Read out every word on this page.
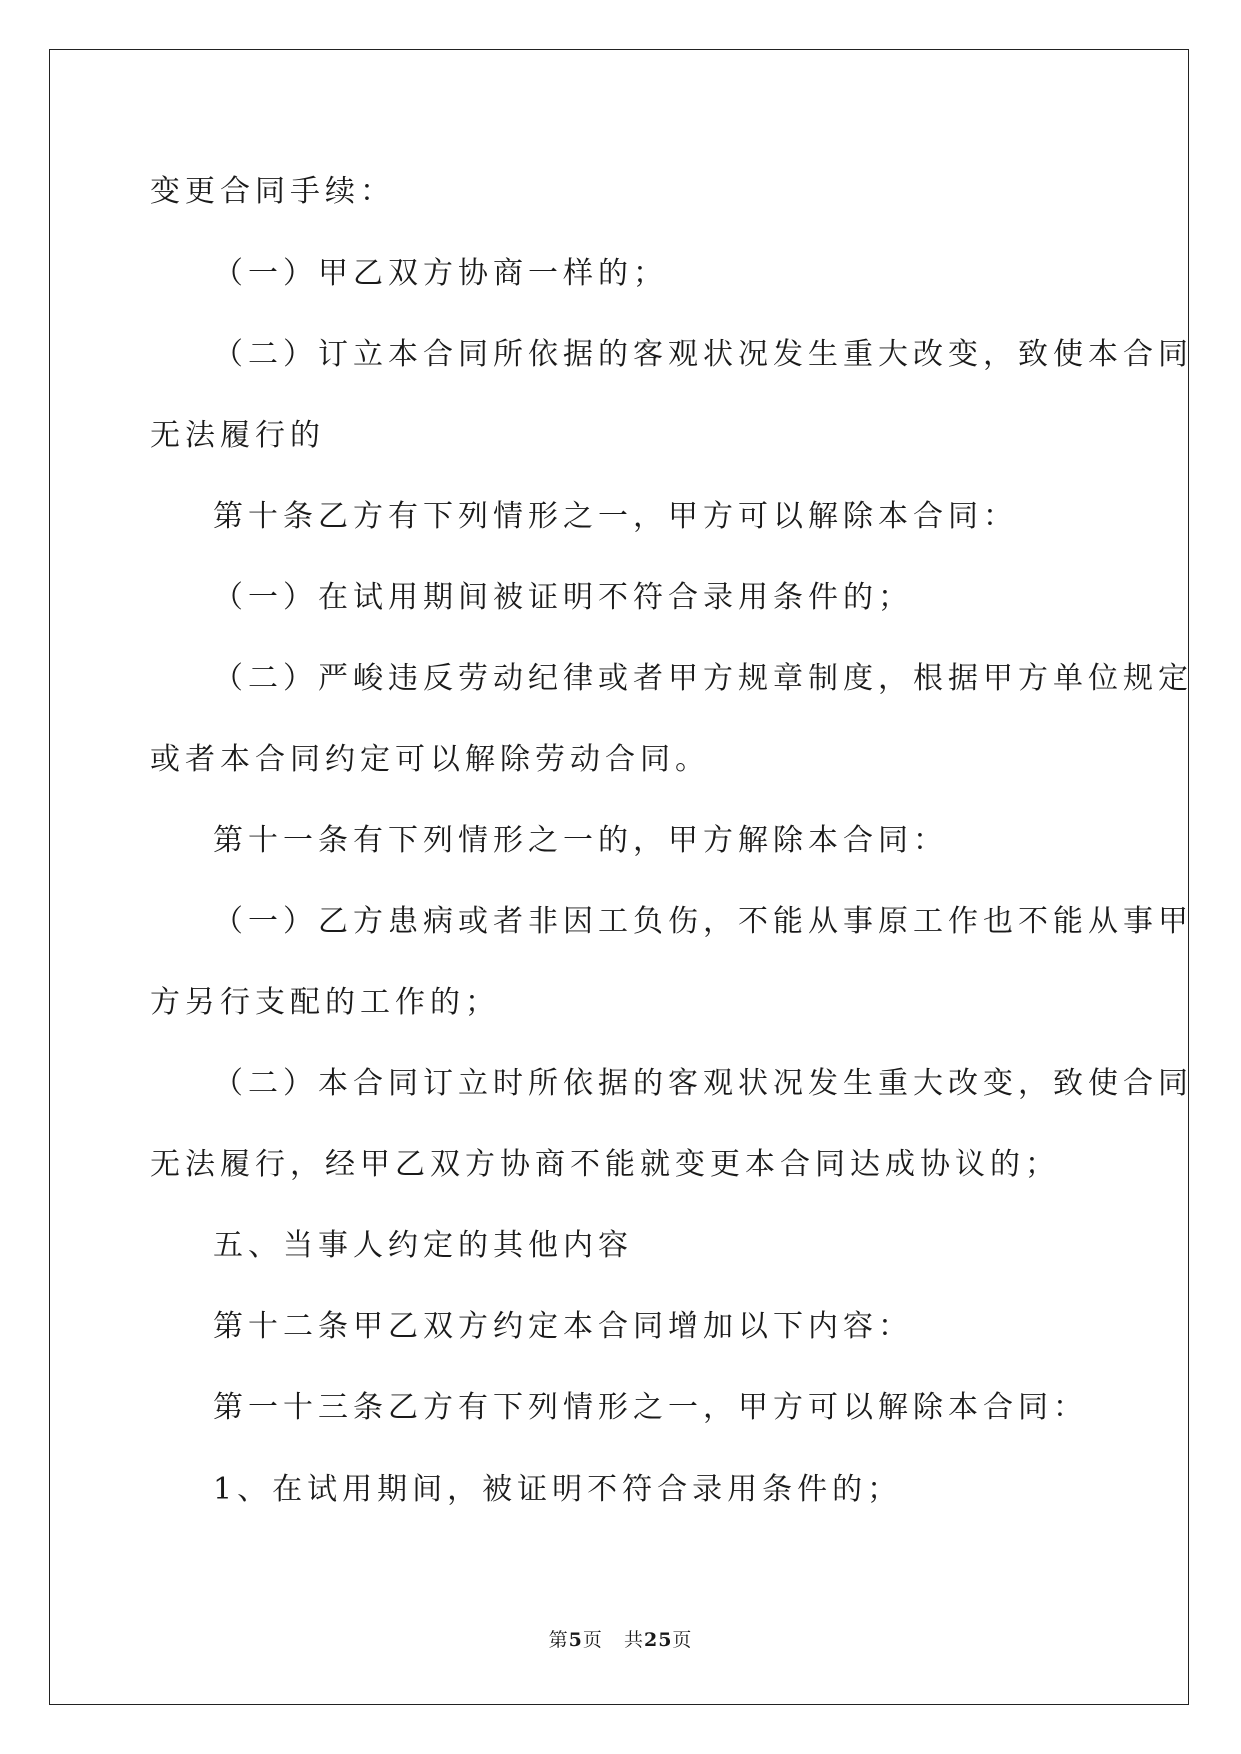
变更合同手续：

（一）甲乙双方协商一样的；

（二）订立本合同所依据的客观状况发生重大改变，致使本合同

无法履行的

第十条乙方有下列情形之一，甲方可以解除本合同：

（一）在试用期间被证明不符合录用条件的；

（二）严峻违反劳动纪律或者甲方规章制度，根据甲方单位规定

或者本合同约定可以解除劳动合同。

第十一条有下列情形之一的，甲方解除本合同：

（一）乙方患病或者非因工负伤，不能从事原工作也不能从事甲

方另行支配的工作的；

（二）本合同订立时所依据的客观状况发生重大改变，致使合同

无法履行，经甲乙双方协商不能就变更本合同达成协议的；

五、当事人约定的其他内容

第十二条甲乙双方约定本合同增加以下内容：

第一十三条乙方有下列情形之一，甲方可以解除本合同：

1、在试用期间，被证明不符合录用条件的；

第5页 共25页
